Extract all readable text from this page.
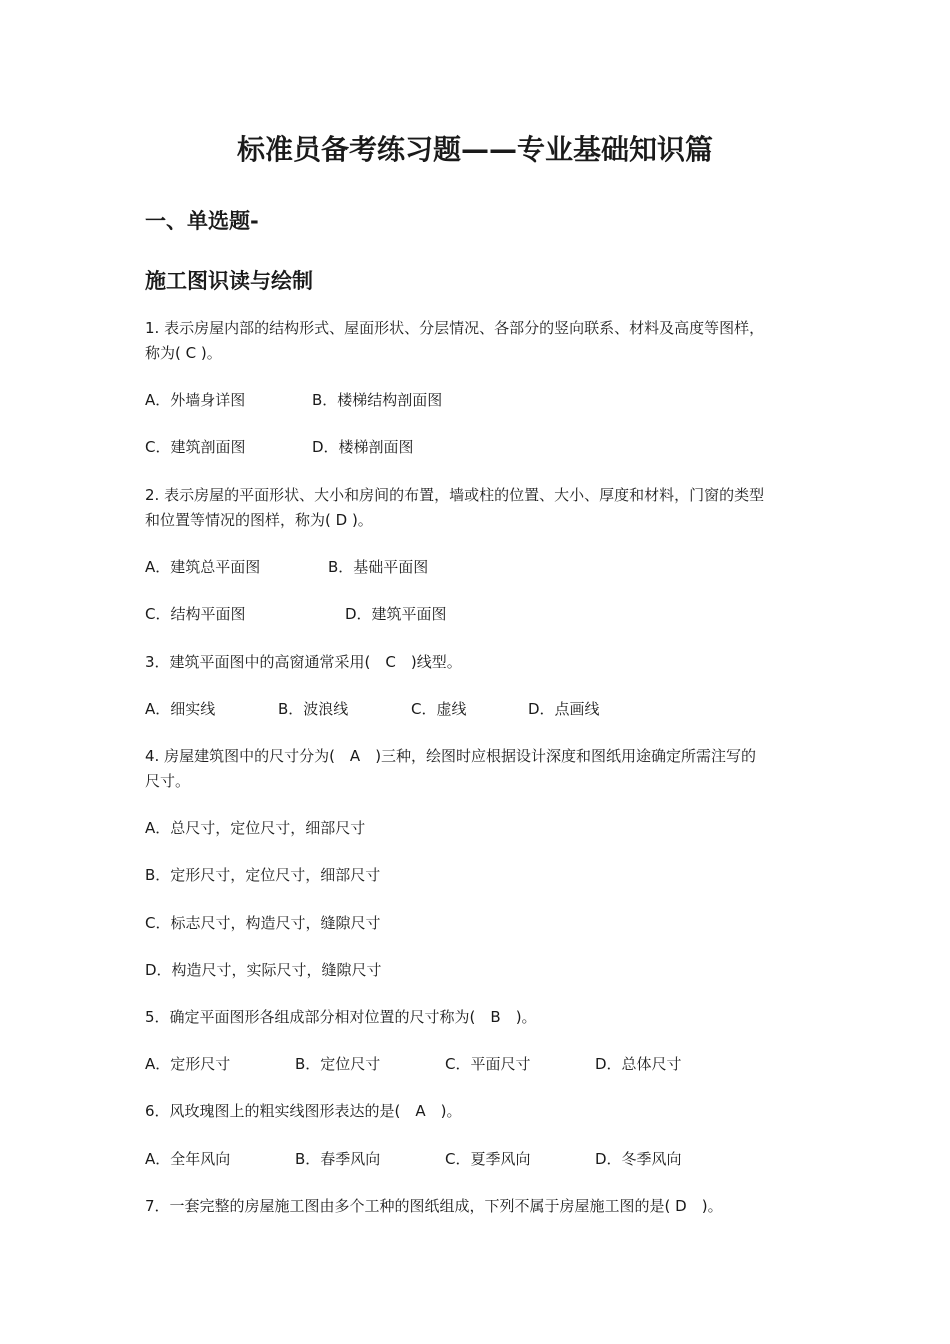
标准员备考练习题——专业基础知识篇
一、单选题-
施工图识读与绘制
1. 表示房屋内部的结构形式、屋面形状、分层情况、各部分的竖向联系、材料及高度等图样，
称为( C )。
A．外墙身详图	B．楼梯结构剖面图
C．建筑剖面图	D．楼梯剖面图
2. 表示房屋的平面形状、大小和房间的布置，墙或柱的位置、大小、厚度和材料，门窗的类型
和位置等情况的图样，称为( D )。
A．建筑总平面图	B．基础平面图
C．结构平面图	D．建筑平面图
3．建筑平面图中的高窗通常采用(　C　)线型。
A．细实线	B．波浪线	C．虚线	D．点画线
4. 房屋建筑图中的尺寸分为(　A　)三种，绘图时应根据设计深度和图纸用途确定所需注写的
尺寸。
A．总尺寸，定位尺寸，细部尺寸
B．定形尺寸，定位尺寸，细部尺寸
C．标志尺寸，构造尺寸，缝隙尺寸
D．构造尺寸，实际尺寸，缝隙尺寸
5．确定平面图形各组成部分相对位置的尺寸称为(　B　)。
A．定形尺寸	B．定位尺寸	C．平面尺寸	D．总体尺寸
6．风玫瑰图上的粗实线图形表达的是(　A　)。
A．全年风向	B．春季风向	C．夏季风向	D．冬季风向
7．一套完整的房屋施工图由多个工种的图纸组成，下列不属于房屋施工图的是( D　)。
